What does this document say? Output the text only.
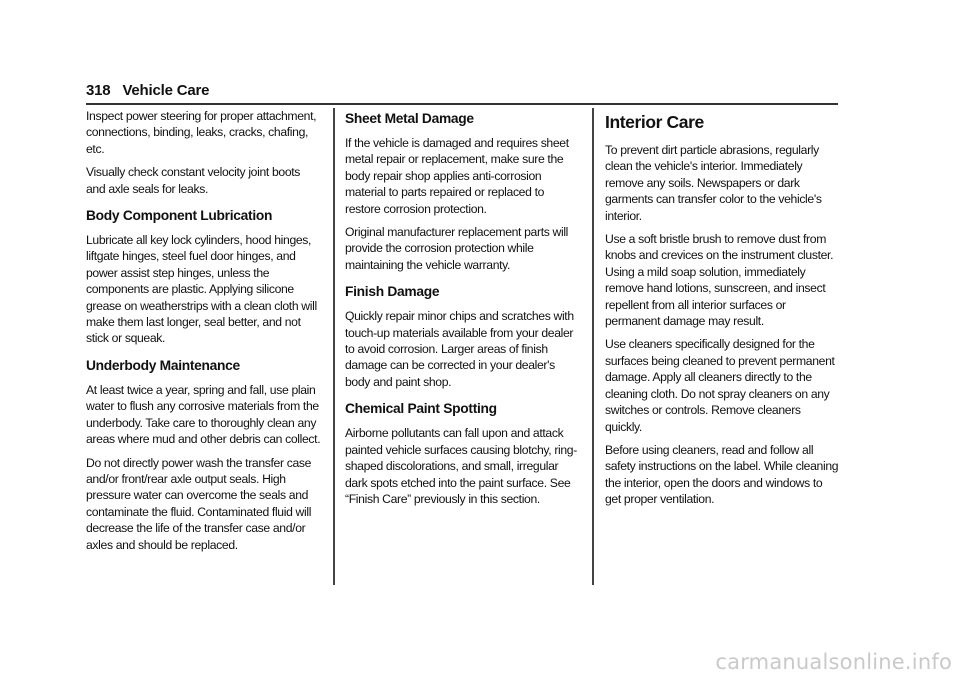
318 Vehicle Care

Inspect power steering for proper attachment, connections, binding, leaks, cracks, chafing, etc.

Visually check constant velocity joint boots and axle seals for leaks.

Body Component Lubrication

Lubricate all key lock cylinders, hood hinges, liftgate hinges, steel fuel door hinges, and power assist step hinges, unless the components are plastic. Applying silicone grease on weatherstrips with a clean cloth will make them last longer, seal better, and not stick or squeak.

Underbody Maintenance

At least twice a year, spring and fall, use plain water to flush any corrosive materials from the underbody. Take care to thoroughly clean any areas where mud and other debris can collect.

Do not directly power wash the transfer case and/or front/rear axle output seals. High pressure water can overcome the seals and contaminate the fluid. Contaminated fluid will decrease the life of the transfer case and/or axles and should be replaced.

Sheet Metal Damage

If the vehicle is damaged and requires sheet metal repair or replacement, make sure the body repair shop applies anti-corrosion material to parts repaired or replaced to restore corrosion protection.

Original manufacturer replacement parts will provide the corrosion protection while maintaining the vehicle warranty.

Finish Damage

Quickly repair minor chips and scratches with touch-up materials available from your dealer to avoid corrosion. Larger areas of finish damage can be corrected in your dealer's body and paint shop.

Chemical Paint Spotting

Airborne pollutants can fall upon and attack painted vehicle surfaces causing blotchy, ring-shaped discolorations, and small, irregular dark spots etched into the paint surface. See “Finish Care” previously in this section.

Interior Care

To prevent dirt particle abrasions, regularly clean the vehicle's interior. Immediately remove any soils. Newspapers or dark garments can transfer color to the vehicle's interior.

Use a soft bristle brush to remove dust from knobs and crevices on the instrument cluster. Using a mild soap solution, immediately remove hand lotions, sunscreen, and insect repellent from all interior surfaces or permanent damage may result.

Use cleaners specifically designed for the surfaces being cleaned to prevent permanent damage. Apply all cleaners directly to the cleaning cloth. Do not spray cleaners on any switches or controls. Remove cleaners quickly.

Before using cleaners, read and follow all safety instructions on the label. While cleaning the interior, open the doors and windows to get proper ventilation.

carmanualsonline.info
